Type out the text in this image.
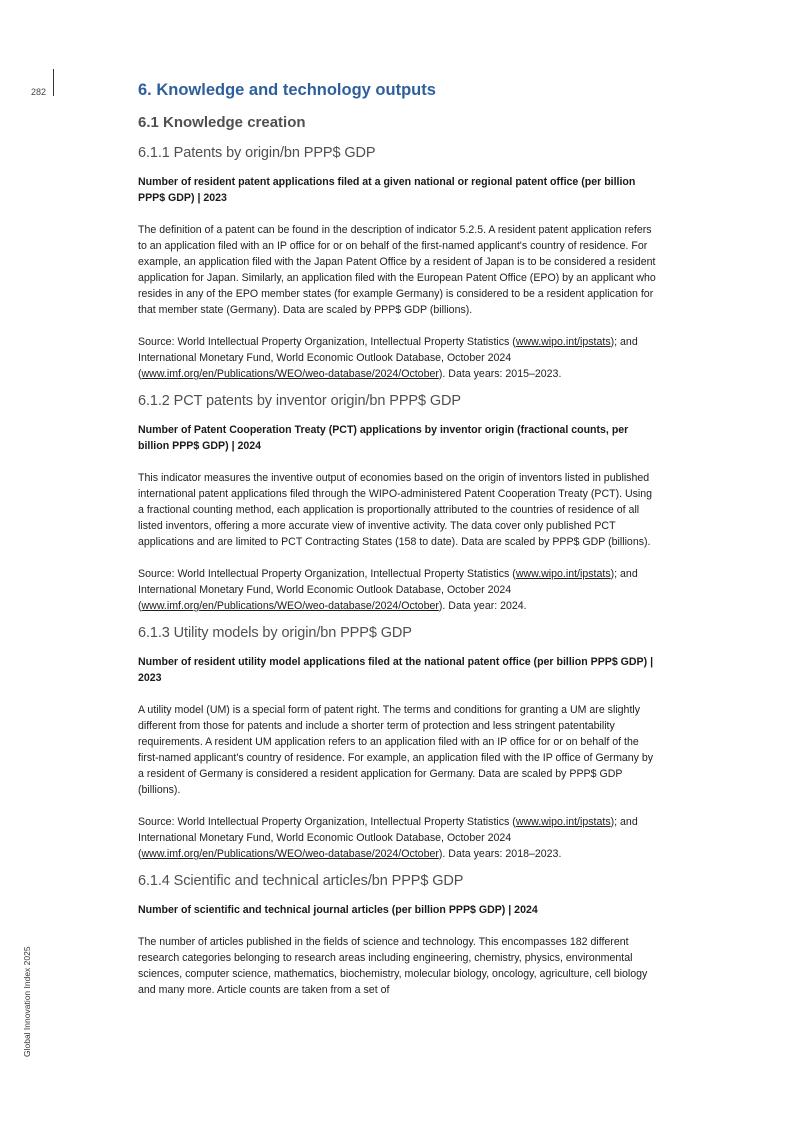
282
Global Innovation Index 2025
6. Knowledge and technology outputs
6.1 Knowledge creation
6.1.1 Patents by origin/bn PPP$ GDP
Number of resident patent applications filed at a given national or regional patent office (per billion PPP$ GDP) | 2023

The definition of a patent can be found in the description of indicator 5.2.5. A resident patent application refers to an application filed with an IP office for or on behalf of the first-named applicant's country of residence. For example, an application filed with the Japan Patent Office by a resident of Japan is to be considered a resident application for Japan. Similarly, an application filed with the European Patent Office (EPO) by an applicant who resides in any of the EPO member states (for example Germany) is considered to be a resident application for that member state (Germany). Data are scaled by PPP$ GDP (billions).

Source: World Intellectual Property Organization, Intellectual Property Statistics (www.wipo.int/ipstats); and International Monetary Fund, World Economic Outlook Database, October 2024 (www.imf.org/en/Publications/WEO/weo-database/2024/October). Data years: 2015–2023.

6.1.2 PCT patents by inventor origin/bn PPP$ GDP
Number of Patent Cooperation Treaty (PCT) applications by inventor origin (fractional counts, per billion PPP$ GDP) | 2024

This indicator measures the inventive output of economies based on the origin of inventors listed in published international patent applications filed through the WIPO-administered Patent Cooperation Treaty (PCT). Using a fractional counting method, each application is proportionally attributed to the countries of residence of all listed inventors, offering a more accurate view of inventive activity. The data cover only published PCT applications and are limited to PCT Contracting States (158 to date). Data are scaled by PPP$ GDP (billions).

Source: World Intellectual Property Organization, Intellectual Property Statistics (www.wipo.int/ipstats); and International Monetary Fund, World Economic Outlook Database, October 2024 (www.imf.org/en/Publications/WEO/weo-database/2024/October). Data year: 2024.

6.1.3 Utility models by origin/bn PPP$ GDP
Number of resident utility model applications filed at the national patent office (per billion PPP$ GDP) | 2023

A utility model (UM) is a special form of patent right. The terms and conditions for granting a UM are slightly different from those for patents and include a shorter term of protection and less stringent patentability requirements. A resident UM application refers to an application filed with an IP office for or on behalf of the first-named applicant's country of residence. For example, an application filed with the IP office of Germany by a resident of Germany is considered a resident application for Germany. Data are scaled by PPP$ GDP (billions).

Source: World Intellectual Property Organization, Intellectual Property Statistics (www.wipo.int/ipstats); and International Monetary Fund, World Economic Outlook Database, October 2024 (www.imf.org/en/Publications/WEO/weo-database/2024/October). Data years: 2018–2023.

6.1.4 Scientific and technical articles/bn PPP$ GDP
Number of scientific and technical journal articles (per billion PPP$ GDP) | 2024

The number of articles published in the fields of science and technology. This encompasses 182 different research categories belonging to research areas including engineering, chemistry, physics, environmental sciences, computer science, mathematics, biochemistry, molecular biology, oncology, agriculture, cell biology and many more. Article counts are taken from a set of
